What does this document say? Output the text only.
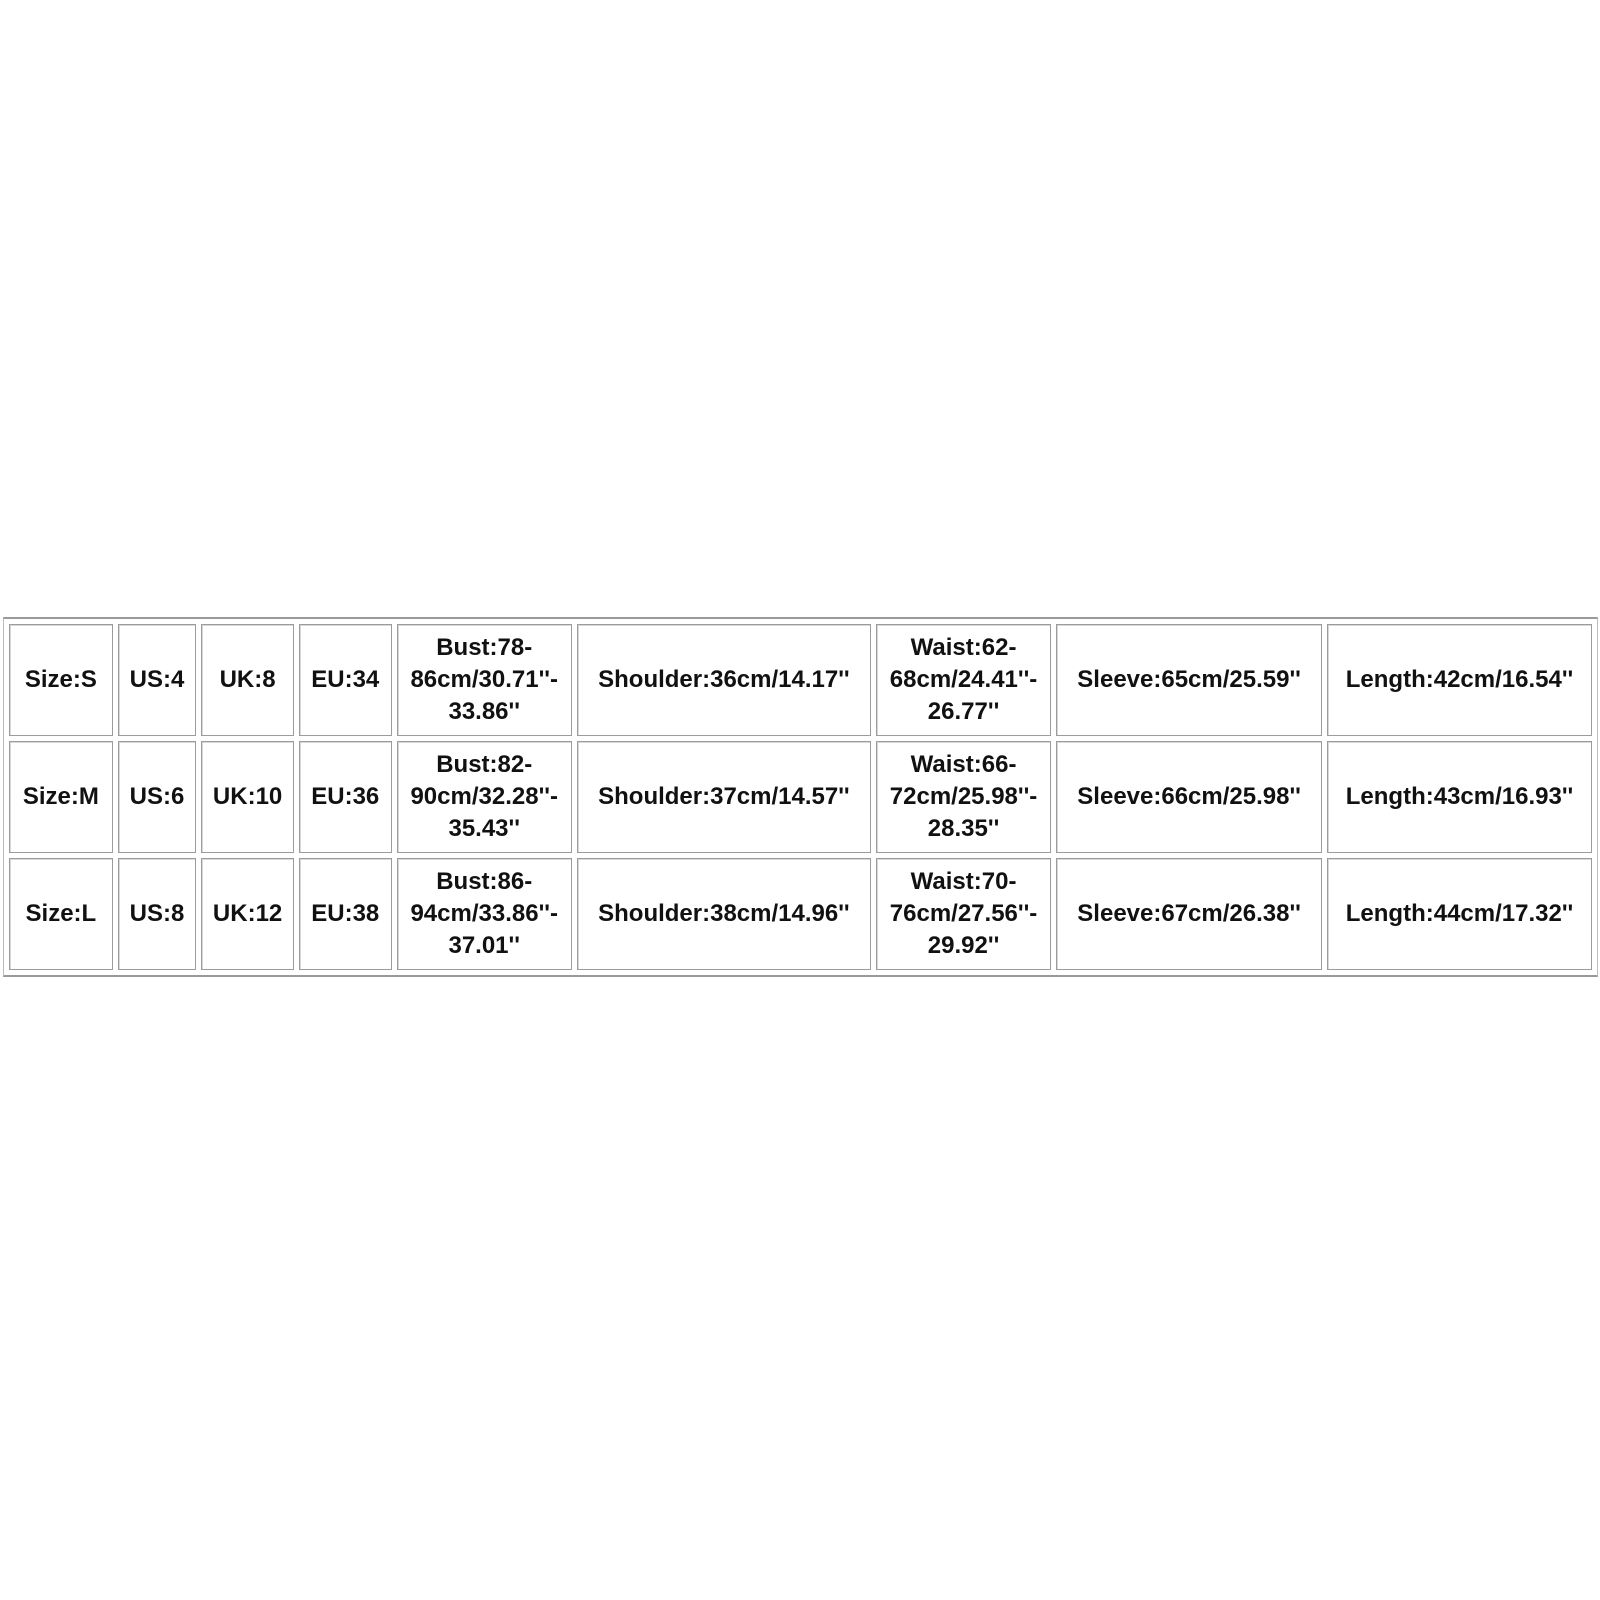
Size:S	US:4	UK:8	EU:34	Bust:78-
86cm/30.71''-
33.86''	Shoulder:36cm/14.17''	Waist:62-
68cm/24.41''-
26.77''	Sleeve:65cm/25.59''	Length:42cm/16.54''
Size:M	US:6	UK:10	EU:36	Bust:82-
90cm/32.28''-
35.43''	Shoulder:37cm/14.57''	Waist:66-
72cm/25.98''-
28.35''	Sleeve:66cm/25.98''	Length:43cm/16.93''
Size:L	US:8	UK:12	EU:38	Bust:86-
94cm/33.86''-
37.01''	Shoulder:38cm/14.96''	Waist:70-
76cm/27.56''-
29.92''	Sleeve:67cm/26.38''	Length:44cm/17.32''
